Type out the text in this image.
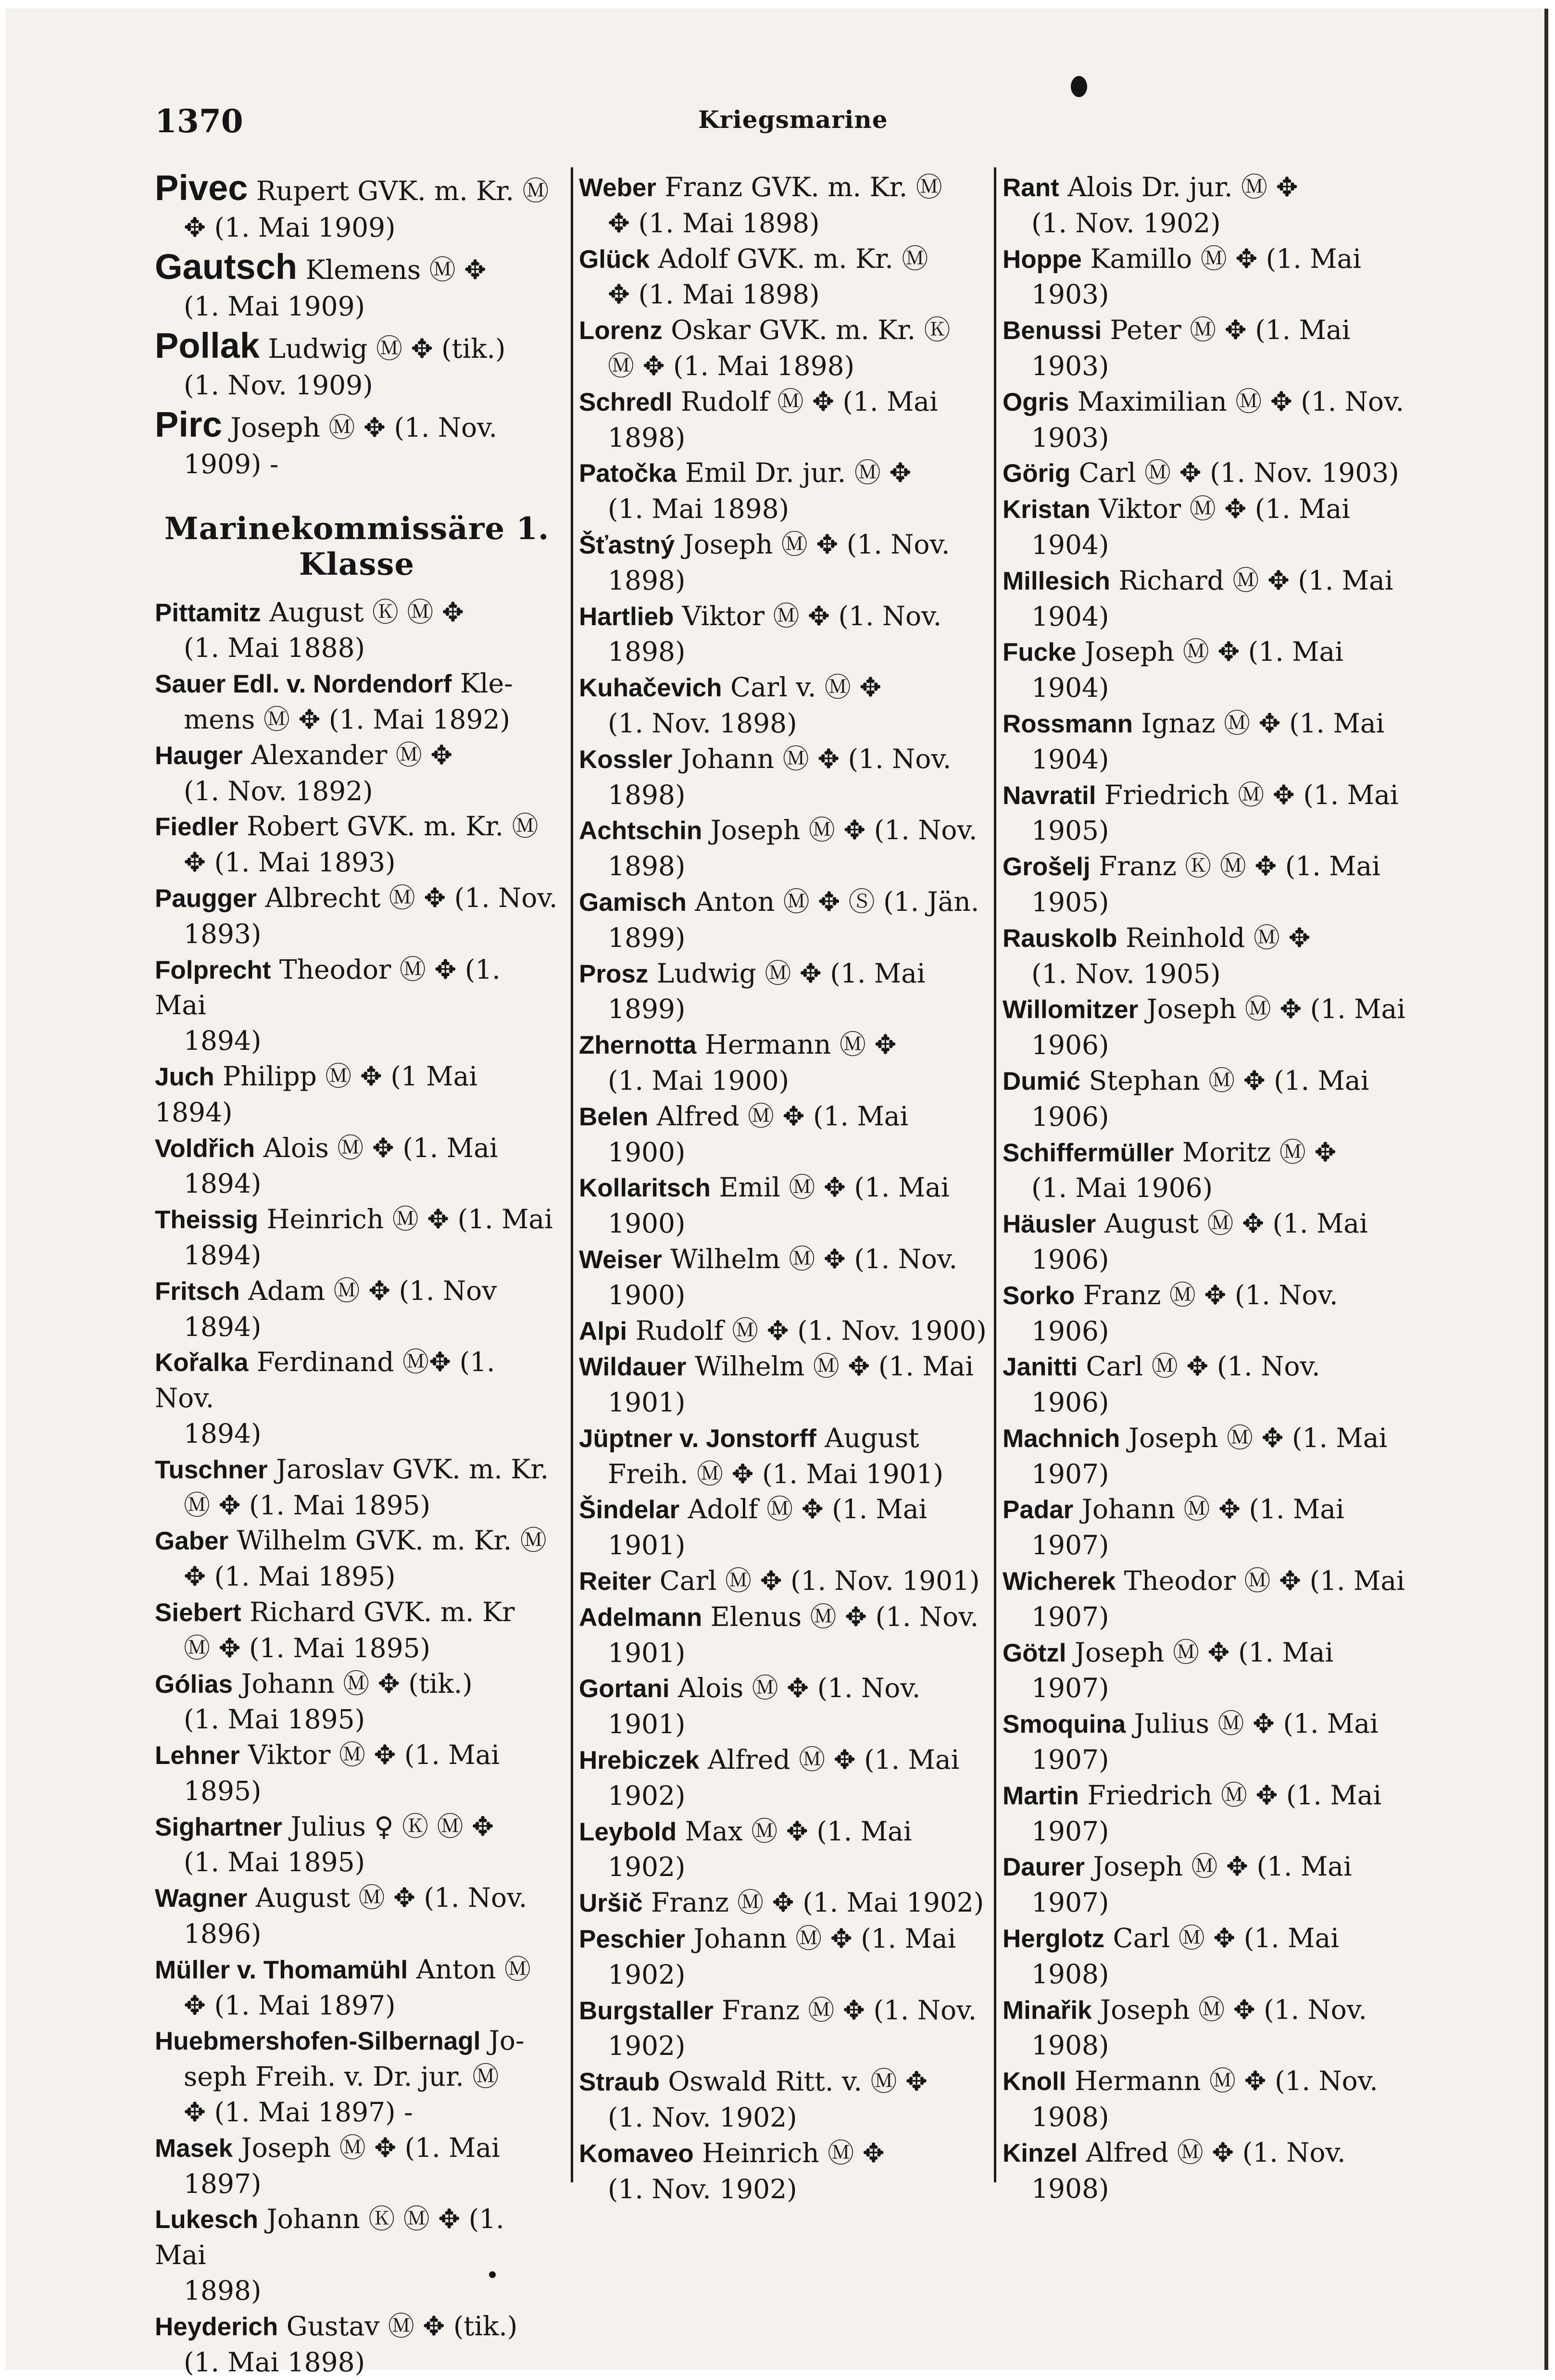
1370	Kriegsmarine
Pivec Rupert GVK. m. Kr. Ⓜ
✥ (1. Mai 1909)
Gautsch Klemens Ⓜ ✥
(1. Mai 1909)
Pollak Ludwig Ⓜ ✥ (tik.)
(1. Nov. 1909)
Pirc Joseph Ⓜ ✥ (1. Nov.
1909) -
Marinekommissäre 1. Klasse
Pittamitz August Ⓚ Ⓜ ✥
(1. Mai 1888)
Sauer Edl. v. Nordendorf Kle-
mens Ⓜ ✥ (1. Mai 1892)
Hauger Alexander Ⓜ ✥
(1. Nov. 1892)
Fiedler Robert GVK. m. Kr. Ⓜ
✥ (1. Mai 1893)
Paugger Albrecht Ⓜ ✥ (1. Nov.
1893)
Folprecht Theodor Ⓜ ✥ (1. Mai
1894)
Juch Philipp Ⓜ ✥ (1 Mai 1894)
Voldřich Alois Ⓜ ✥ (1. Mai
1894)
Theissig Heinrich Ⓜ ✥ (1. Mai
1894)
Fritsch Adam Ⓜ ✥ (1. Nov
1894)
Kořalka Ferdinand Ⓜ✥ (1. Nov.
1894)
Tuschner Jaroslav GVK. m. Kr.
Ⓜ ✥ (1. Mai 1895)
Gaber Wilhelm GVK. m. Kr. Ⓜ
✥ (1. Mai 1895)
Siebert Richard GVK. m. Kr
Ⓜ ✥ (1. Mai 1895)
Gólias Johann Ⓜ ✥ (tik.)
(1. Mai 1895)
Lehner Viktor Ⓜ ✥ (1. Mai
1895)
Sighartner Julius ♀ Ⓚ Ⓜ ✥
(1. Mai 1895)
Wagner August Ⓜ ✥ (1. Nov.
1896)
Müller v. Thomamühl Anton Ⓜ
✥ (1. Mai 1897)
Huebmershofen-Silbernagl Jo-
seph Freih. v. Dr. jur. Ⓜ
✥ (1. Mai 1897) -
Masek Joseph Ⓜ ✥ (1. Mai
1897)
Lukesch Johann Ⓚ Ⓜ ✥ (1. Mai
1898)
Heyderich Gustav Ⓜ ✥ (tik.)
(1. Mai 1898)
Weber Franz GVK. m. Kr. Ⓜ
✥ (1. Mai 1898)
Glück Adolf GVK. m. Kr. Ⓜ
✥ (1. Mai 1898)
Lorenz Oskar GVK. m. Kr. Ⓚ
Ⓜ ✥ (1. Mai 1898)
Schredl Rudolf Ⓜ ✥ (1. Mai
1898)
Patočka Emil Dr. jur. Ⓜ ✥
(1. Mai 1898)
Šťastný Joseph Ⓜ ✥ (1. Nov.
1898)
Hartlieb Viktor Ⓜ ✥ (1. Nov.
1898)
Kuhačevich Carl v. Ⓜ ✥
(1. Nov. 1898)
Kossler Johann Ⓜ ✥ (1. Nov.
1898)
Achtschin Joseph Ⓜ ✥ (1. Nov.
1898)
Gamisch Anton Ⓜ ✥ Ⓢ (1. Jän.
1899)
Prosz Ludwig Ⓜ ✥ (1. Mai
1899)
Zhernotta Hermann Ⓜ ✥
(1. Mai 1900)
Belen Alfred Ⓜ ✥ (1. Mai
1900)
Kollaritsch Emil Ⓜ ✥ (1. Mai
1900)
Weiser Wilhelm Ⓜ ✥ (1. Nov.
1900)
Alpi Rudolf Ⓜ ✥ (1. Nov. 1900)
Wildauer Wilhelm Ⓜ ✥ (1. Mai
1901)
Jüptner v. Jonstorff August
Freih. Ⓜ ✥ (1. Mai 1901)
Šindelar Adolf Ⓜ ✥ (1. Mai
1901)
Reiter Carl Ⓜ ✥ (1. Nov. 1901)
Adelmann Elenus Ⓜ ✥ (1. Nov.
1901)
Gortani Alois Ⓜ ✥ (1. Nov.
1901)
Hrebiczek Alfred Ⓜ ✥ (1. Mai
1902)
Leybold Max Ⓜ ✥ (1. Mai
1902)
Uršič Franz Ⓜ ✥ (1. Mai 1902)
Peschier Johann Ⓜ ✥ (1. Mai
1902)
Burgstaller Franz Ⓜ ✥ (1. Nov.
1902)
Straub Oswald Ritt. v. Ⓜ ✥
(1. Nov. 1902)
Komaveo Heinrich Ⓜ ✥
(1. Nov. 1902)
Rant Alois Dr. jur. Ⓜ ✥
(1. Nov. 1902)
Hoppe Kamillo Ⓜ ✥ (1. Mai
1903)
Benussi Peter Ⓜ ✥ (1. Mai
1903)
Ogris Maximilian Ⓜ ✥ (1. Nov.
1903)
Görig Carl Ⓜ ✥ (1. Nov. 1903)
Kristan Viktor Ⓜ ✥ (1. Mai
1904)
Millesich Richard Ⓜ ✥ (1. Mai
1904)
Fucke Joseph Ⓜ ✥ (1. Mai
1904)
Rossmann Ignaz Ⓜ ✥ (1. Mai
1904)
Navratil Friedrich Ⓜ ✥ (1. Mai
1905)
Grošelj Franz Ⓚ Ⓜ ✥ (1. Mai
1905)
Rauskolb Reinhold Ⓜ ✥
(1. Nov. 1905)
Willomitzer Joseph Ⓜ ✥ (1. Mai
1906)
Dumić Stephan Ⓜ ✥ (1. Mai
1906)
Schiffermüller Moritz Ⓜ ✥
(1. Mai 1906)
Häusler August Ⓜ ✥ (1. Mai
1906)
Sorko Franz Ⓜ ✥ (1. Nov.
1906)
Janitti Carl Ⓜ ✥ (1. Nov.
1906)
Machnich Joseph Ⓜ ✥ (1. Mai
1907)
Padar Johann Ⓜ ✥ (1. Mai
1907)
Wicherek Theodor Ⓜ ✥ (1. Mai
1907)
Götzl Joseph Ⓜ ✥ (1. Mai
1907)
Smoquina Julius Ⓜ ✥ (1. Mai
1907)
Martin Friedrich Ⓜ ✥ (1. Mai
1907)
Daurer Joseph Ⓜ ✥ (1. Mai
1907)
Herglotz Carl Ⓜ ✥ (1. Mai
1908)
Minařik Joseph Ⓜ ✥ (1. Nov.
1908)
Knoll Hermann Ⓜ ✥ (1. Nov.
1908)
Kinzel Alfred Ⓜ ✥ (1. Nov.
1908)
